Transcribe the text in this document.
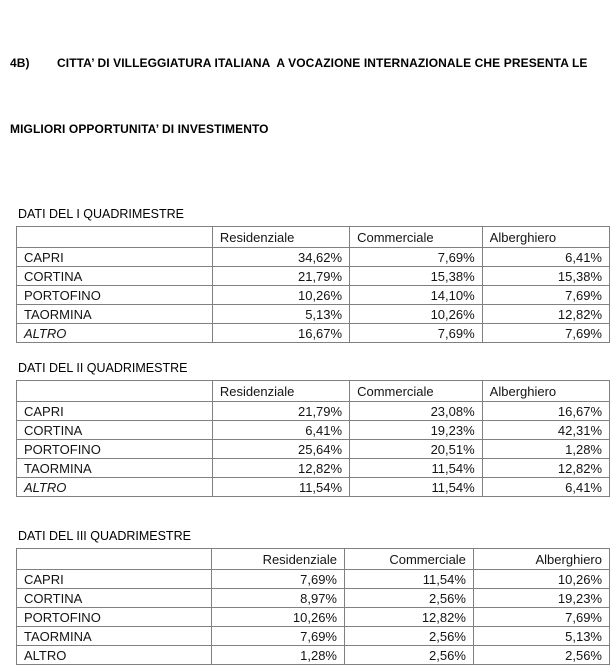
4B) CITTA’ DI VILLEGGIATURA ITALIANA  A VOCAZIONE INTERNAZIONALE CHE PRESENTA LE

MIGLIORI OPPORTUNITA’ DI INVESTIMENTO

DATI DEL I QUADRIMESTRE
	Residenziale	Commerciale	Alberghiero
CAPRI	34,62%	7,69%	6,41%
CORTINA	21,79%	15,38%	15,38%
PORTOFINO	10,26%	14,10%	7,69%
TAORMINA	5,13%	10,26%	12,82%
ALTRO	16,67%	7,69%	7,69%
DATI DEL II QUADRIMESTRE
	Residenziale	Commerciale	Alberghiero
CAPRI	21,79%	23,08%	16,67%
CORTINA	6,41%	19,23%	42,31%
PORTOFINO	25,64%	20,51%	1,28%
TAORMINA	12,82%	11,54%	12,82%
ALTRO	11,54%	11,54%	6,41%
DATI DEL III QUADRIMESTRE
	Residenziale	Commerciale	Alberghiero
CAPRI	7,69%	11,54%	10,26%
CORTINA	8,97%	2,56%	19,23%
PORTOFINO	10,26%	12,82%	7,69%
TAORMINA	7,69%	2,56%	5,13%
ALTRO	1,28%	2,56%	2,56%
